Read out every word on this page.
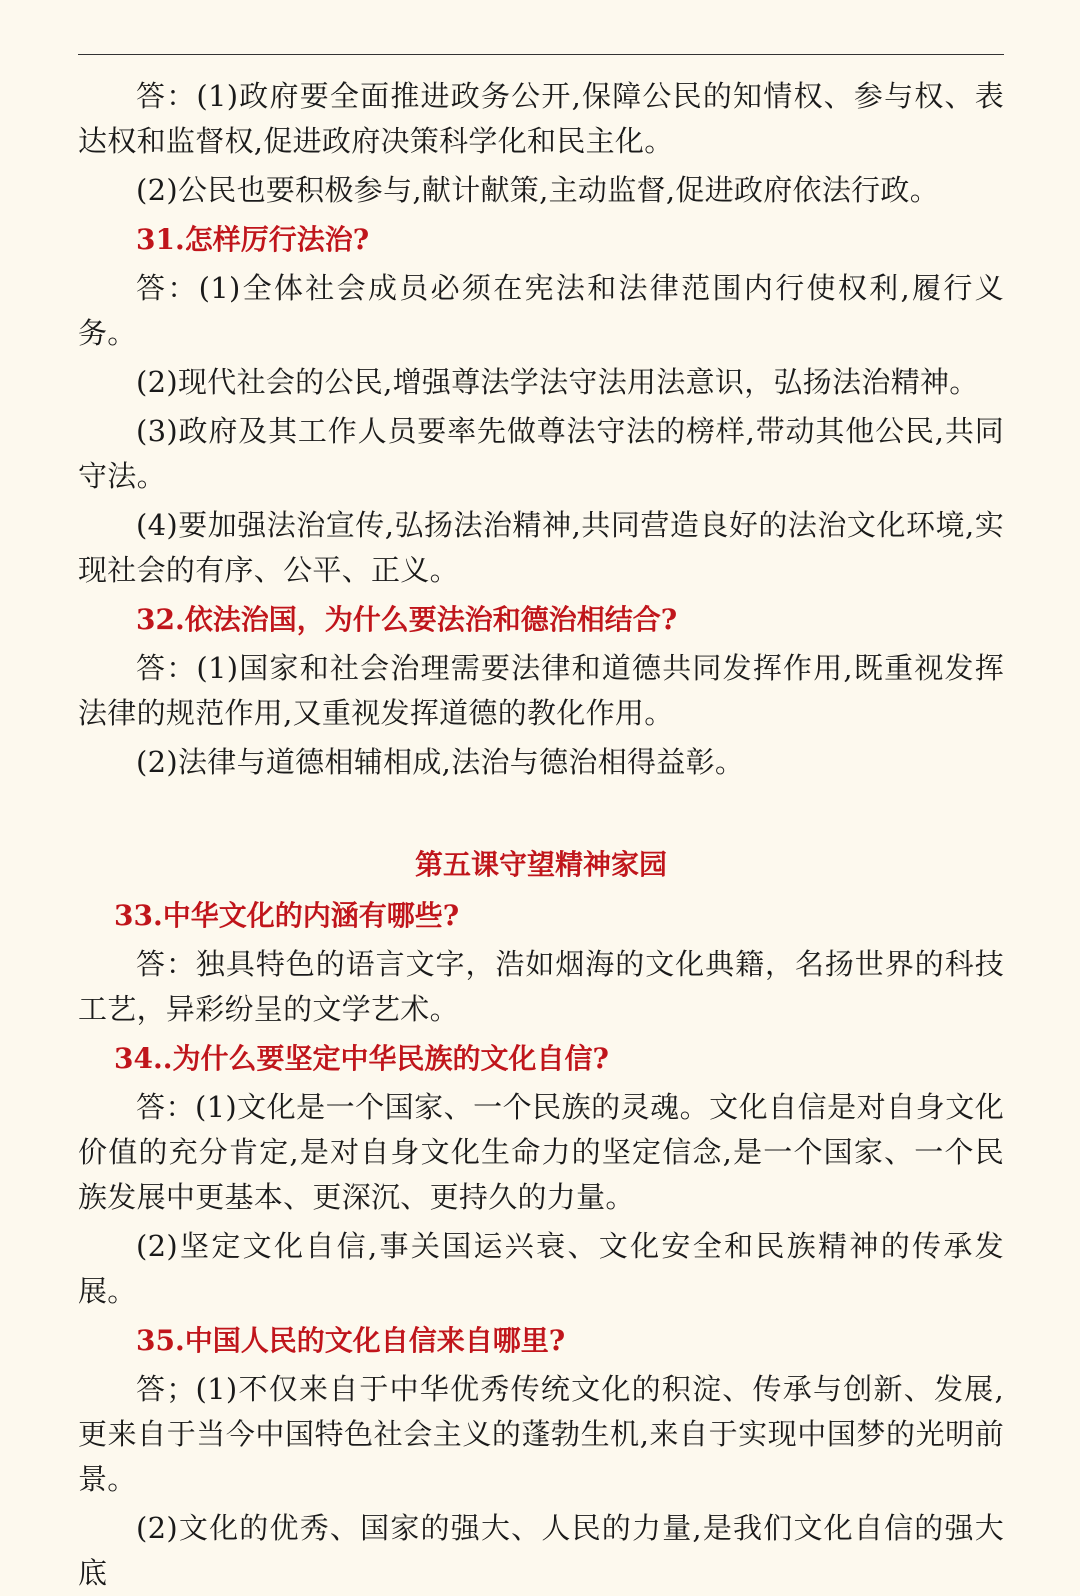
答：(1)政府要全面推进政务公开,保障公民的知情权、参与权、表达权和监督权,促进政府决策科学化和民主化。

(2)公民也要积极参与,献计献策,主动监督,促进政府依法行政。

31.怎样厉行法治?

答：(1)全体社会成员必须在宪法和法律范围内行使权利,履行义务。

(2)现代社会的公民,增强尊法学法守法用法意识，弘扬法治精神。

(3)政府及其工作人员要率先做尊法守法的榜样,带动其他公民,共同守法。

(4)要加强法治宣传,弘扬法治精神,共同营造良好的法治文化环境,实现社会的有序、公平、正义。

32.依法治国，为什么要法治和德治相结合?

答：(1)国家和社会治理需要法律和道德共同发挥作用,既重视发挥法律的规范作用,又重视发挥道德的教化作用。

(2)法律与道德相辅相成,法治与德治相得益彰。

第五课守望精神家园

33.中华文化的内涵有哪些?

答：独具特色的语言文字，浩如烟海的文化典籍，名扬世界的科技工艺，异彩纷呈的文学艺术。

34..为什么要坚定中华民族的文化自信?

答：(1)文化是一个国家、一个民族的灵魂。文化自信是对自身文化价值的充分肯定,是对自身文化生命力的坚定信念,是一个国家、一个民族发展中更基本、更深沉、更持久的力量。

(2)坚定文化自信,事关国运兴衰、文化安全和民族精神的传承发展。

35.中国人民的文化自信来自哪里?

答；(1)不仅来自于中华优秀传统文化的积淀、传承与创新、发展,更来自于当今中国特色社会主义的蓬勃生机,来自于实现中国梦的光明前景。

(2)文化的优秀、国家的强大、人民的力量,是我们文化自信的强大底
